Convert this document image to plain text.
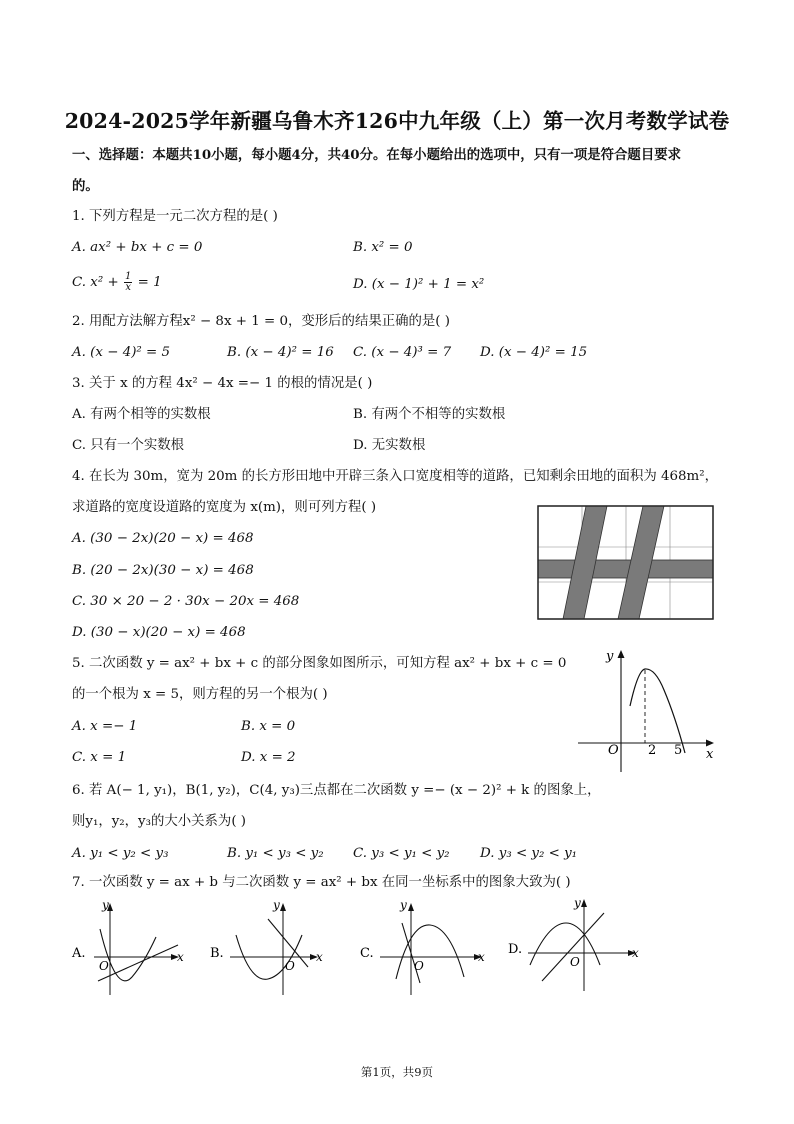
2024-2025学年新疆乌鲁木齐126中九年级（上）第一次月考数学试卷
一、选择题：本题共10小题，每小题4分，共40分。在每小题给出的选项中，只有一项是符合题目要求
的。
1. 下列方程是一元二次方程的是( )
A. ax² + bx + c = 0	B. x² = 0
C. $x^2 + \frac{1}{x} = 1$	D. (x − 1)² + 1 = x²
2. 用配方法解方程x² − 8x + 1 = 0，变形后的结果正确的是( )
A. (x − 4)² = 5	B. (x − 4)² = 16 C. (x − 4)³ = 7 D. (x − 4)² = 15
3. 关于 x 的方程 4x² − 4x =− 1 的根的情况是( )
A. 有两个相等的实数根	B. 有两个不相等的实数根
C. 只有一个实数根	D. 无实数根
4. 在长为 30m，宽为 20m 的长方形田地中开辟三条入口宽度相等的道路，已知剩余田地的面积为 468m²，
求道路的宽度设道路的宽度为 x(m)，则可列方程( )
A. (30 − 2x)(20 − x) = 468
B. (20 − 2x)(30 − x) = 468
C. 30 × 20 − 2 · 30x − 20x = 468
D. (30 − x)(20 − x) = 468
5. 二次函数 y = ax² + bx + c 的部分图象如图所示，可知方程 ax² + bx + c = 0
的一个根为 x = 5，则方程的另一个根为( )
A. x =− 1	B. x = 0
C. x = 1	D. x = 2
y
x
O 2 5
6. 若 A(− 1, y₁)，B(1, y₂)，C(4, y₃)三点都在二次函数 y =− (x − 2)² + k 的图象上，
则y₁，y₂，y₃的大小关系为( )
A. y₁ < y₂ < y₃	B. y₁ < y₃ < y₂ C. y₃ < y₁ < y₂ D. y₃ < y₂ < y₁
7. 一次函数 y = ax + b 与二次函数 y = ax² + bx 在同一坐标系中的图象大致为( )
A.
y
x
O
B.
y
x
O
C.
y
x
O
D.
y
x
O
第1页，共9页
